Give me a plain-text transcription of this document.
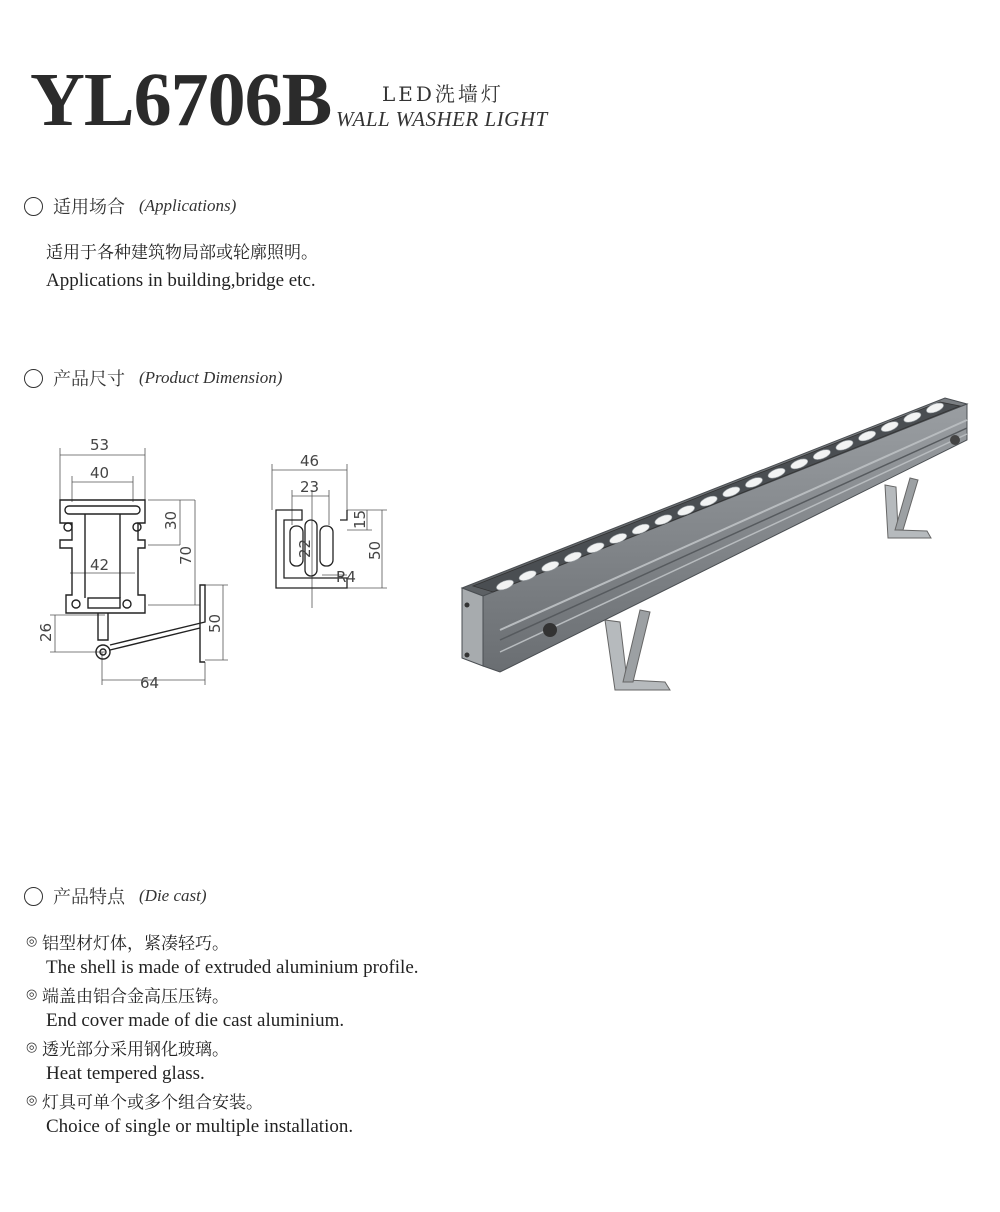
YL6706B	LED洗墙灯
WALL WASHER LIGHT
适用场合 (Applications)
适用于各种建筑物局部或轮廓照明。
Applications in building,bridge etc.
产品尺寸 (Product Dimension)
53
40
42
64
30
70
26	50
46
23
R4
15
50
22
产品特点 (Die cast)
◎ 铝型材灯体，紧凑轻巧。
The shell is made of extruded aluminium profile.
◎ 端盖由铝合金高压压铸。
End cover made of die cast aluminium.
◎ 透光部分采用钢化玻璃。
Heat tempered glass.
◎ 灯具可单个或多个组合安装。
Choice of single or multiple installation.
